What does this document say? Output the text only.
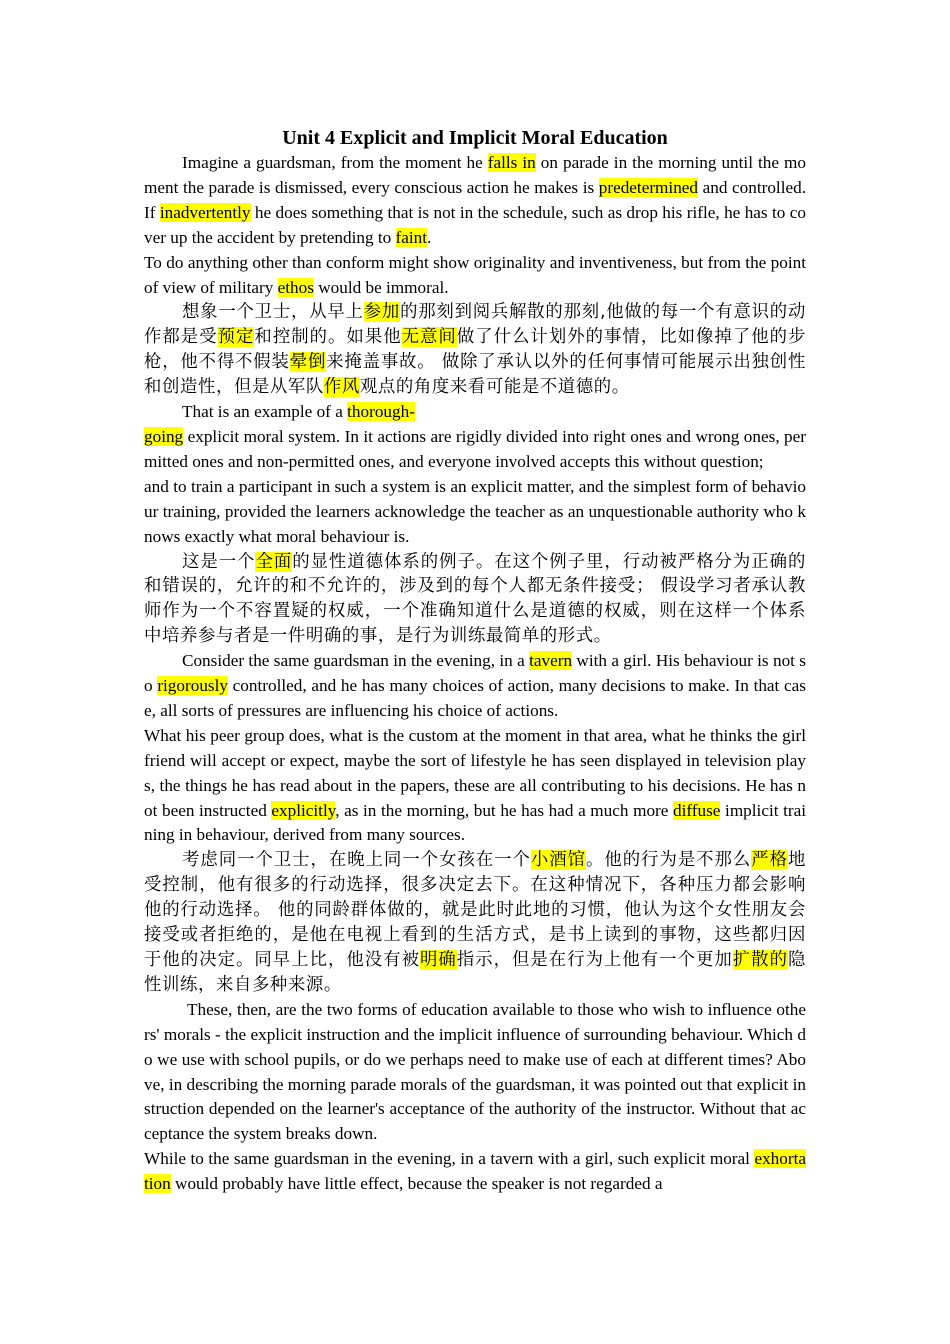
Unit 4 Explicit and Implicit Moral Education

Imagine a guardsman, from the moment he falls in on parade in the morning until the moment the parade is dismissed, every conscious action he makes is predetermined and controlled. If inadvertently he does something that is not in the schedule, such as drop his rifle, he has to cover up the accident by pretending to faint.

To do anything other than conform might show originality and inventiveness, but from the point of view of military ethos would be immoral.

想象一个卫士，从早上参加的那刻到阅兵解散的那刻,他做的每一个有意识的动作都是受预定和控制的。如果他无意间做了什么计划外的事情，比如像掉了他的步枪，他不得不假装晕倒来掩盖事故。 做除了承认以外的任何事情可能展示出独创性和创造性，但是从军队作风观点的角度来看可能是不道德的。

That is an example of a thorough-

going explicit moral system. In it actions are rigidly divided into right ones and wrong ones, permitted ones and non-permitted ones, and everyone involved accepts this without question;

and to train a participant in such a system is an explicit matter, and the simplest form of behaviour training, provided the learners acknowledge the teacher as an unquestionable authority who knows exactly what moral behaviour is.

这是一个全面的显性道德体系的例子。在这个例子里，行动被严格分为正确的和错误的，允许的和不允许的，涉及到的每个人都无条件接受； 假设学习者承认教师作为一个不容置疑的权威，一个准确知道什么是道德的权威，则在这样一个体系中培养参与者是一件明确的事，是行为训练最简单的形式。

Consider the same guardsman in the evening, in a tavern with a girl. His behaviour is not so rigorously controlled, and he has many choices of action, many decisions to make. In that case, all sorts of pressures are influencing his choice of actions.

What his peer group does, what is the custom at the moment in that area, what he thinks the girlfriend will accept or expect, maybe the sort of lifestyle he has seen displayed in television plays, the things he has read about in the papers, these are all contributing to his decisions. He has not been instructed explicitly, as in the morning, but he has had a much more diffuse implicit training in behaviour, derived from many sources.

考虑同一个卫士，在晚上同一个女孩在一个小酒馆。他的行为是不那么严格地受控制，他有很多的行动选择，很多决定去下。在这种情况下，各种压力都会影响他的行动选择。 他的同龄群体做的，就是此时此地的习惯，他认为这个女性朋友会接受或者拒绝的，是他在电视上看到的生活方式，是书上读到的事物，这些都归因于他的决定。同早上比，他没有被明确指示，但是在行为上他有一个更加扩散的隐性训练，来自多种来源。

These, then, are the two forms of education available to those who wish to influence others' morals - the explicit instruction and the implicit influence of surrounding behaviour. Which do we use with school pupils, or do we perhaps need to make use of each at different times? Above, in describing the morning parade morals of the guardsman, it was pointed out that explicit instruction depended on the learner's acceptance of the authority of the instructor. Without that acceptance the system breaks down.

While to the same guardsman in the evening, in a tavern with a girl, such explicit moral exhortation would probably have little effect, because the speaker is not regarded a
